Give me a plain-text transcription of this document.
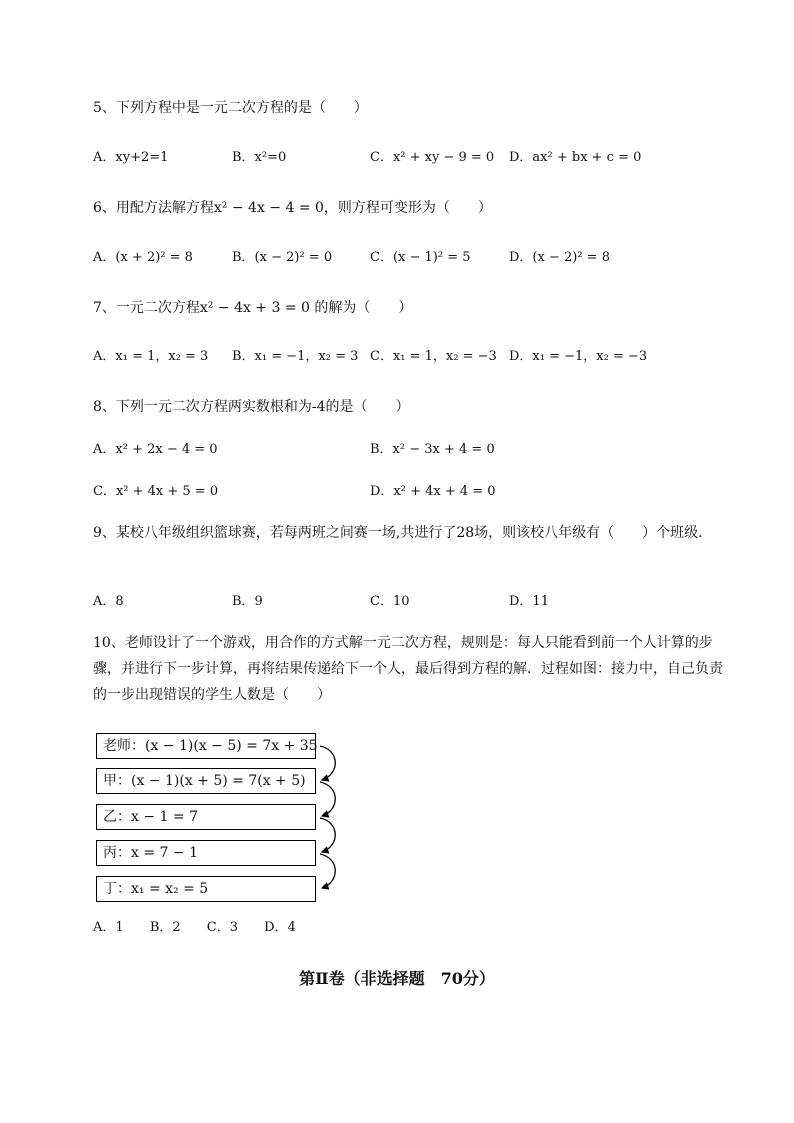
5、下列方程中是一元二次方程的是（　　）
A．xy+2=1	B．x²=0	C．x² + xy − 9 = 0 D．ax² + bx + c = 0
6、用配方法解方程x² − 4x − 4 = 0，则方程可变形为（　　）
A．(x + 2)² = 8	B．(x − 2)² = 0	C．(x − 1)² = 5	D．(x − 2)² = 8
7、一元二次方程x² − 4x + 3 = 0 的解为（　　）
A．x₁ = 1，x₂ = 3 B．x₁ = −1，x₂ = 3 C．x₁ = 1，x₂ = −3 D．x₁ = −1，x₂ = −3
8、下列一元二次方程两实数根和为-4的是（　　）
A．x² + 2x − 4 = 0	B．x² − 3x + 4 = 0
C．x² + 4x + 5 = 0	D．x² + 4x + 4 = 0
9、某校八年级组织篮球赛，若每两班之间赛一场,共进行了28场，则该校八年级有（　　）个班级．
A．8	B．9	C．10	D．11
10、老师设计了一个游戏，用合作的方式解一元二次方程，规则是：每人只能看到前一个人计算的步骤，并进行下一步计算，再将结果传递给下一个人，最后得到方程的解．过程如图：接力中，自己负责的一步出现错误的学生人数是（　　）
老师：(x − 1)(x − 5) = 7x + 35
甲：(x − 1)(x + 5) = 7(x + 5)
乙：x − 1 = 7
丙：x = 7 − 1
丁：x₁ = x₂ = 5
A．1 B．2 C．3 D．4
第Ⅱ卷（非选择题　70分）
